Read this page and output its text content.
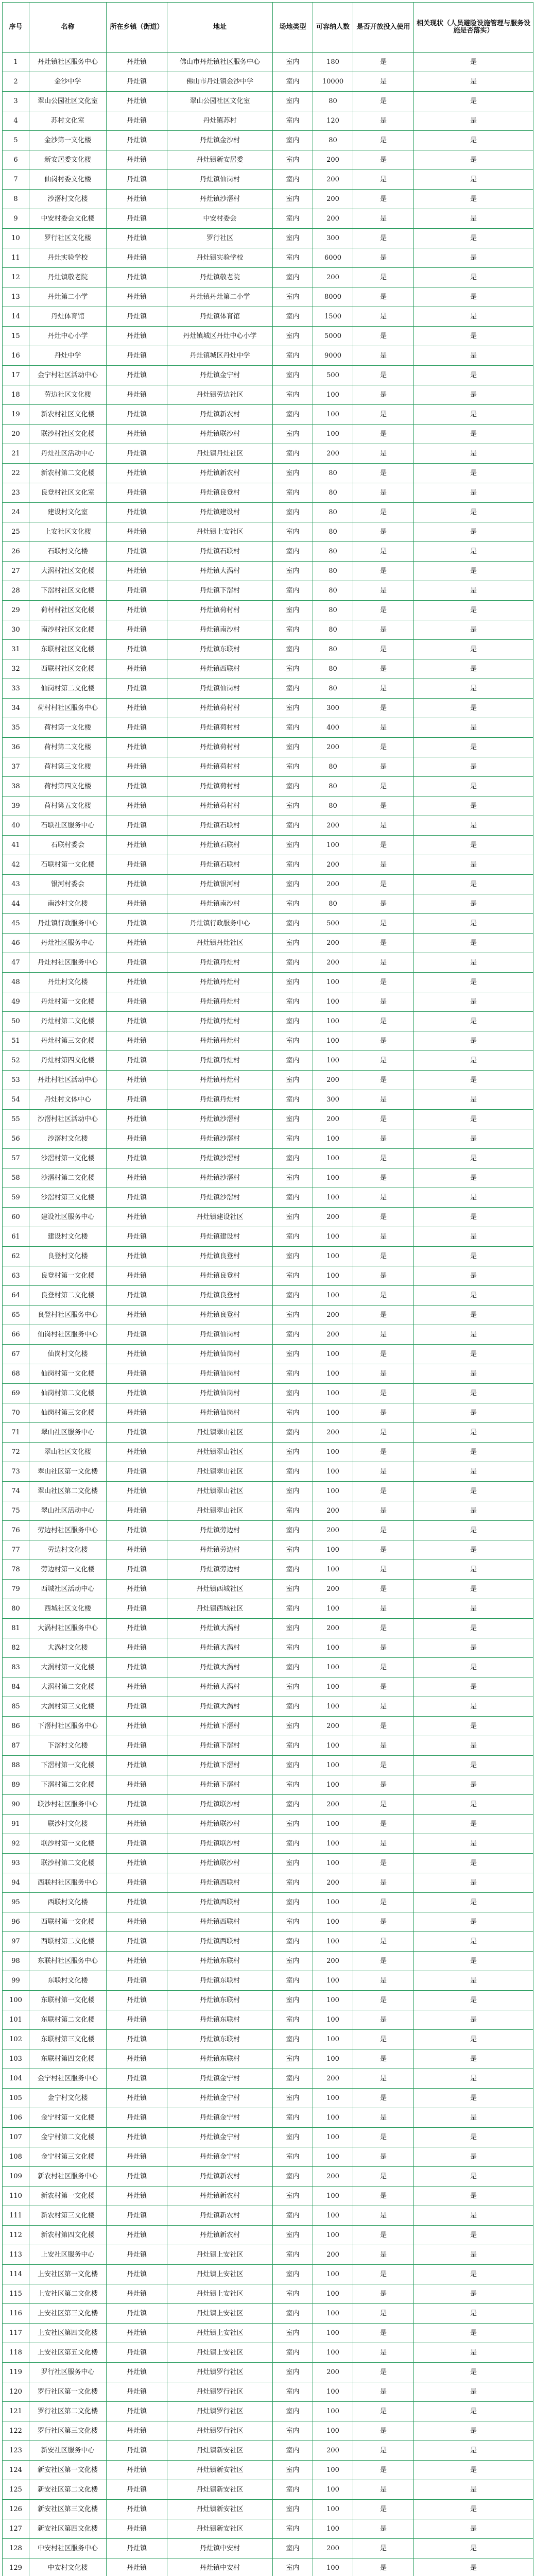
序号	名称	所在乡镇（街道）	地址	场地类型	可容纳人数	是否开放投入使用	相关现状（人员避险设施管理与服务设施是否落实）
1	丹灶镇社区服务中心	丹灶镇	佛山市丹灶镇社区服务中心	室内	180	是	是
2	金沙中学	丹灶镇	佛山市丹灶镇金沙中学	室内	10000	是	是
3	翠山公园社区文化室	丹灶镇	翠山公园社区文化室	室内	80	是	是
4	苏村文化室	丹灶镇	丹灶镇苏村	室内	120	是	是
5	金沙第一文化楼	丹灶镇	丹灶镇金沙村	室内	80	是	是
6	新安居委文化楼	丹灶镇	丹灶镇新安居委	室内	200	是	是
7	仙岗村委文化楼	丹灶镇	丹灶镇仙岗村	室内	200	是	是
8	沙滘村文化楼	丹灶镇	丹灶镇沙滘村	室内	200	是	是
9	中安村委会文化楼	丹灶镇	中安村委会	室内	200	是	是
10	罗行社区文化楼	丹灶镇	罗行社区	室内	300	是	是
11	丹灶实验学校	丹灶镇	丹灶镇实验学校	室内	6000	是	是
12	丹灶镇敬老院	丹灶镇	丹灶镇敬老院	室内	200	是	是
13	丹灶第二小学	丹灶镇	丹灶镇丹灶第二小学	室内	8000	是	是
14	丹灶体育馆	丹灶镇	丹灶镇体育馆	室内	1500	是	是
15	丹灶中心小学	丹灶镇	丹灶镇城区丹灶中心小学	室内	5000	是	是
16	丹灶中学	丹灶镇	丹灶镇城区丹灶中学	室内	9000	是	是
17	金宁村社区活动中心	丹灶镇	丹灶镇金宁村	室内	500	是	是
18	劳边社区文化楼	丹灶镇	丹灶镇劳边社区	室内	100	是	是
19	新农村社区文化楼	丹灶镇	丹灶镇新农村	室内	100	是	是
20	联沙村社区文化楼	丹灶镇	丹灶镇联沙村	室内	100	是	是
21	丹灶社区活动中心	丹灶镇	丹灶镇丹灶社区	室内	200	是	是
22	新农村第二文化楼	丹灶镇	丹灶镇新农村	室内	80	是	是
23	良登村社区文化室	丹灶镇	丹灶镇良登村	室内	80	是	是
24	建设村文化室	丹灶镇	丹灶镇建设村	室内	80	是	是
25	上安社区文化楼	丹灶镇	丹灶镇上安社区	室内	80	是	是
26	石联村文化楼	丹灶镇	丹灶镇石联村	室内	80	是	是
27	大涡村社区文化楼	丹灶镇	丹灶镇大涡村	室内	80	是	是
28	下滘村社区文化楼	丹灶镇	丹灶镇下滘村	室内	80	是	是
29	荷村村社区文化楼	丹灶镇	丹灶镇荷村村	室内	80	是	是
30	南沙村社区文化楼	丹灶镇	丹灶镇南沙村	室内	80	是	是
31	东联村社区文化楼	丹灶镇	丹灶镇东联村	室内	80	是	是
32	西联村社区文化楼	丹灶镇	丹灶镇西联村	室内	80	是	是
33	仙岗村第二文化楼	丹灶镇	丹灶镇仙岗村	室内	80	是	是
34	荷村村社区服务中心	丹灶镇	丹灶镇荷村村	室内	300	是	是
35	荷村第一文化楼	丹灶镇	丹灶镇荷村村	室内	400	是	是
36	荷村第二文化楼	丹灶镇	丹灶镇荷村村	室内	200	是	是
37	荷村第三文化楼	丹灶镇	丹灶镇荷村村	室内	80	是	是
38	荷村第四文化楼	丹灶镇	丹灶镇荷村村	室内	80	是	是
39	荷村第五文化楼	丹灶镇	丹灶镇荷村村	室内	80	是	是
40	石联社区服务中心	丹灶镇	丹灶镇石联村	室内	200	是	是
41	石联村委会	丹灶镇	丹灶镇石联村	室内	100	是	是
42	石联村第一文化楼	丹灶镇	丹灶镇石联村	室内	200	是	是
43	银河村委会	丹灶镇	丹灶镇银河村	室内	200	是	是
44	南沙村文化楼	丹灶镇	丹灶镇南沙村	室内	80	是	是
45	丹灶镇行政服务中心	丹灶镇	丹灶镇行政服务中心	室内	500	是	是
46	丹灶社区服务中心	丹灶镇	丹灶镇丹灶社区	室内	200	是	是
47	丹灶村社区服务中心	丹灶镇	丹灶镇丹灶村	室内	200	是	是
48	丹灶村文化楼	丹灶镇	丹灶镇丹灶村	室内	100	是	是
49	丹灶村第一文化楼	丹灶镇	丹灶镇丹灶村	室内	100	是	是
50	丹灶村第二文化楼	丹灶镇	丹灶镇丹灶村	室内	100	是	是
51	丹灶村第三文化楼	丹灶镇	丹灶镇丹灶村	室内	100	是	是
52	丹灶村第四文化楼	丹灶镇	丹灶镇丹灶村	室内	100	是	是
53	丹灶村社区活动中心	丹灶镇	丹灶镇丹灶村	室内	200	是	是
54	丹灶村文体中心	丹灶镇	丹灶镇丹灶村	室内	300	是	是
55	沙滘村社区活动中心	丹灶镇	丹灶镇沙滘村	室内	200	是	是
56	沙滘村文化楼	丹灶镇	丹灶镇沙滘村	室内	100	是	是
57	沙滘村第一文化楼	丹灶镇	丹灶镇沙滘村	室内	100	是	是
58	沙滘村第二文化楼	丹灶镇	丹灶镇沙滘村	室内	100	是	是
59	沙滘村第三文化楼	丹灶镇	丹灶镇沙滘村	室内	100	是	是
60	建设社区服务中心	丹灶镇	丹灶镇建设社区	室内	200	是	是
61	建设村文化楼	丹灶镇	丹灶镇建设村	室内	100	是	是
62	良登村文化楼	丹灶镇	丹灶镇良登村	室内	100	是	是
63	良登村第一文化楼	丹灶镇	丹灶镇良登村	室内	100	是	是
64	良登村第二文化楼	丹灶镇	丹灶镇良登村	室内	100	是	是
65	良登村社区服务中心	丹灶镇	丹灶镇良登村	室内	200	是	是
66	仙岗村社区服务中心	丹灶镇	丹灶镇仙岗村	室内	200	是	是
67	仙岗村文化楼	丹灶镇	丹灶镇仙岗村	室内	100	是	是
68	仙岗村第一文化楼	丹灶镇	丹灶镇仙岗村	室内	100	是	是
69	仙岗村第二文化楼	丹灶镇	丹灶镇仙岗村	室内	100	是	是
70	仙岗村第三文化楼	丹灶镇	丹灶镇仙岗村	室内	100	是	是
71	翠山社区服务中心	丹灶镇	丹灶镇翠山社区	室内	200	是	是
72	翠山社区文化楼	丹灶镇	丹灶镇翠山社区	室内	100	是	是
73	翠山社区第一文化楼	丹灶镇	丹灶镇翠山社区	室内	100	是	是
74	翠山社区第二文化楼	丹灶镇	丹灶镇翠山社区	室内	100	是	是
75	翠山社区活动中心	丹灶镇	丹灶镇翠山社区	室内	200	是	是
76	劳边村社区服务中心	丹灶镇	丹灶镇劳边村	室内	200	是	是
77	劳边村文化楼	丹灶镇	丹灶镇劳边村	室内	100	是	是
78	劳边村第一文化楼	丹灶镇	丹灶镇劳边村	室内	100	是	是
79	西城社区活动中心	丹灶镇	丹灶镇西城社区	室内	200	是	是
80	西城社区文化楼	丹灶镇	丹灶镇西城社区	室内	100	是	是
81	大涡村社区服务中心	丹灶镇	丹灶镇大涡村	室内	200	是	是
82	大涡村文化楼	丹灶镇	丹灶镇大涡村	室内	100	是	是
83	大涡村第一文化楼	丹灶镇	丹灶镇大涡村	室内	100	是	是
84	大涡村第二文化楼	丹灶镇	丹灶镇大涡村	室内	100	是	是
85	大涡村第三文化楼	丹灶镇	丹灶镇大涡村	室内	100	是	是
86	下滘村社区服务中心	丹灶镇	丹灶镇下滘村	室内	200	是	是
87	下滘村文化楼	丹灶镇	丹灶镇下滘村	室内	100	是	是
88	下滘村第一文化楼	丹灶镇	丹灶镇下滘村	室内	100	是	是
89	下滘村第二文化楼	丹灶镇	丹灶镇下滘村	室内	100	是	是
90	联沙村社区服务中心	丹灶镇	丹灶镇联沙村	室内	200	是	是
91	联沙村文化楼	丹灶镇	丹灶镇联沙村	室内	100	是	是
92	联沙村第一文化楼	丹灶镇	丹灶镇联沙村	室内	100	是	是
93	联沙村第二文化楼	丹灶镇	丹灶镇联沙村	室内	100	是	是
94	西联村社区服务中心	丹灶镇	丹灶镇西联村	室内	200	是	是
95	西联村文化楼	丹灶镇	丹灶镇西联村	室内	100	是	是
96	西联村第一文化楼	丹灶镇	丹灶镇西联村	室内	100	是	是
97	西联村第二文化楼	丹灶镇	丹灶镇西联村	室内	100	是	是
98	东联村社区服务中心	丹灶镇	丹灶镇东联村	室内	200	是	是
99	东联村文化楼	丹灶镇	丹灶镇东联村	室内	100	是	是
100	东联村第一文化楼	丹灶镇	丹灶镇东联村	室内	100	是	是
101	东联村第二文化楼	丹灶镇	丹灶镇东联村	室内	100	是	是
102	东联村第三文化楼	丹灶镇	丹灶镇东联村	室内	100	是	是
103	东联村第四文化楼	丹灶镇	丹灶镇东联村	室内	100	是	是
104	金宁村社区服务中心	丹灶镇	丹灶镇金宁村	室内	200	是	是
105	金宁村文化楼	丹灶镇	丹灶镇金宁村	室内	100	是	是
106	金宁村第一文化楼	丹灶镇	丹灶镇金宁村	室内	100	是	是
107	金宁村第二文化楼	丹灶镇	丹灶镇金宁村	室内	100	是	是
108	金宁村第三文化楼	丹灶镇	丹灶镇金宁村	室内	100	是	是
109	新农村社区服务中心	丹灶镇	丹灶镇新农村	室内	200	是	是
110	新农村第一文化楼	丹灶镇	丹灶镇新农村	室内	100	是	是
111	新农村第三文化楼	丹灶镇	丹灶镇新农村	室内	100	是	是
112	新农村第四文化楼	丹灶镇	丹灶镇新农村	室内	100	是	是
113	上安社区服务中心	丹灶镇	丹灶镇上安社区	室内	200	是	是
114	上安社区第一文化楼	丹灶镇	丹灶镇上安社区	室内	100	是	是
115	上安社区第二文化楼	丹灶镇	丹灶镇上安社区	室内	100	是	是
116	上安社区第三文化楼	丹灶镇	丹灶镇上安社区	室内	100	是	是
117	上安社区第四文化楼	丹灶镇	丹灶镇上安社区	室内	100	是	是
118	上安社区第五文化楼	丹灶镇	丹灶镇上安社区	室内	100	是	是
119	罗行社区服务中心	丹灶镇	丹灶镇罗行社区	室内	200	是	是
120	罗行社区第一文化楼	丹灶镇	丹灶镇罗行社区	室内	100	是	是
121	罗行社区第二文化楼	丹灶镇	丹灶镇罗行社区	室内	100	是	是
122	罗行社区第三文化楼	丹灶镇	丹灶镇罗行社区	室内	100	是	是
123	新安社区服务中心	丹灶镇	丹灶镇新安社区	室内	200	是	是
124	新安社区第一文化楼	丹灶镇	丹灶镇新安社区	室内	100	是	是
125	新安社区第二文化楼	丹灶镇	丹灶镇新安社区	室内	100	是	是
126	新安社区第三文化楼	丹灶镇	丹灶镇新安社区	室内	100	是	是
127	新安社区第四文化楼	丹灶镇	丹灶镇新安社区	室内	100	是	是
128	中安村社区服务中心	丹灶镇	丹灶镇中安村	室内	200	是	是
129	中安村文化楼	丹灶镇	丹灶镇中安村	室内	100	是	是
